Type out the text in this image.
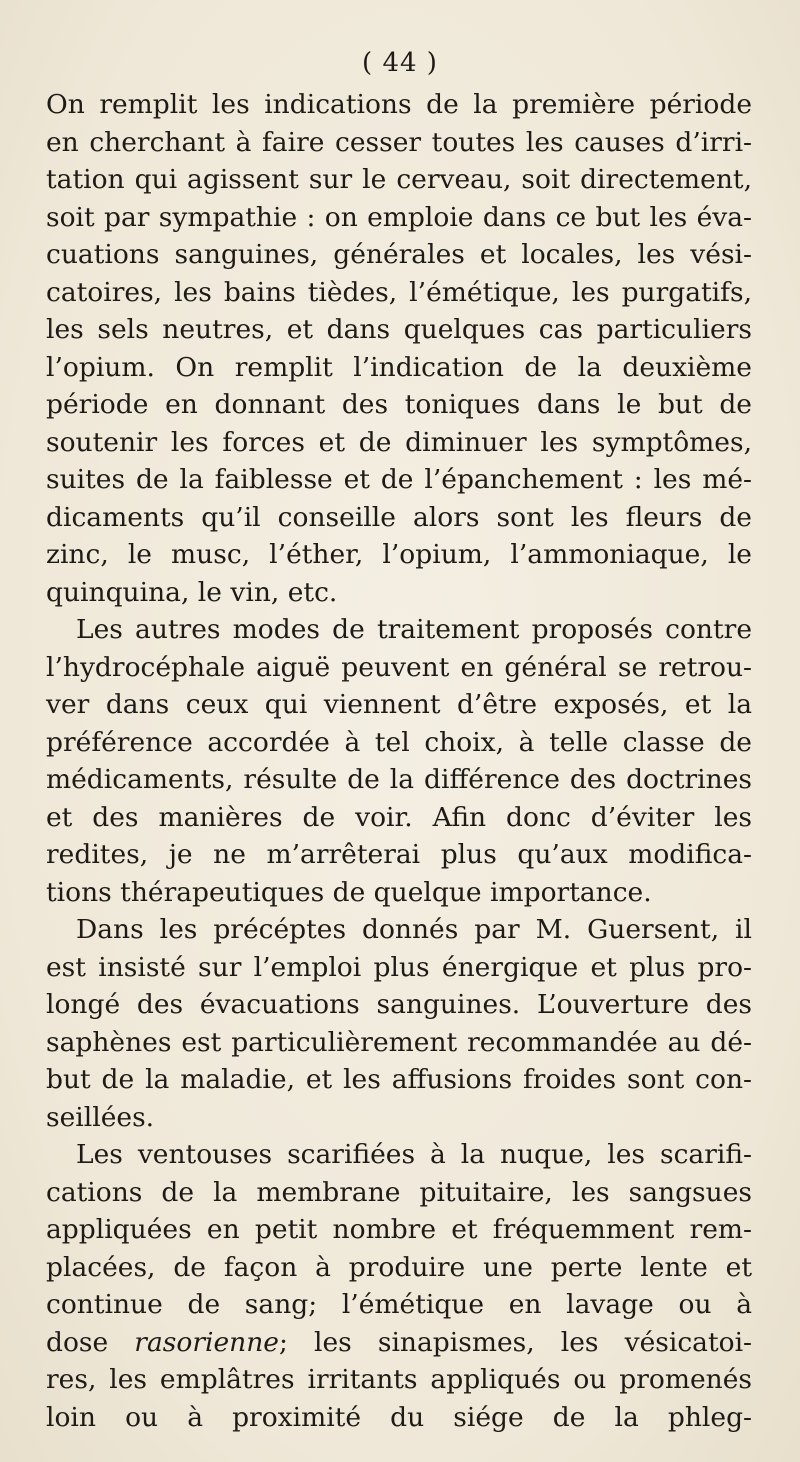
( 44 )
On remplit les indications de la première période
en cherchant à faire cesser toutes les causes d’irri-
tation qui agissent sur le cerveau, soit directement,
soit par sympathie : on emploie dans ce but les éva-
cuations sanguines, générales et locales, les vési-
catoires, les bains tièdes, l’émétique, les purgatifs,
les sels neutres, et dans quelques cas particuliers
l’opium. On remplit l’indication de la deuxième
période en donnant des toniques dans le but de
soutenir les forces et de diminuer les symptômes,
suites de la faiblesse et de l’épanchement : les mé-
dicaments qu’il conseille alors sont les fleurs de
zinc, le musc, l’éther, l’opium, l’ammoniaque, le
quinquina, le vin, etc.
Les autres modes de traitement proposés contre
l’hydrocéphale aiguë peuvent en général se retrou-
ver dans ceux qui viennent d’être exposés, et la
préférence accordée à tel choix, à telle classe de
médicaments, résulte de la différence des doctrines
et des manières de voir. Afin donc d’éviter les
redites, je ne m’arrêterai plus qu’aux modifica-
tions thérapeutiques de quelque importance.
Dans les précéptes donnés par M. Guersent, il
est insisté sur l’emploi plus énergique et plus pro-
longé des évacuations sanguines. L’ouverture des
saphènes est particulièrement recommandée au dé-
but de la maladie, et les affusions froides sont con-
seillées.
Les ventouses scarifiées à la nuque, les scarifi-
cations de la membrane pituitaire, les sangsues
appliquées en petit nombre et fréquemment rem-
placées, de façon à produire une perte lente et
continue de sang; l’émétique en lavage ou à
dose rasorienne; les sinapismes, les vésicatoi-
res, les emplâtres irritants appliqués ou promenés
loin ou à proximité du siége de la phleg-
